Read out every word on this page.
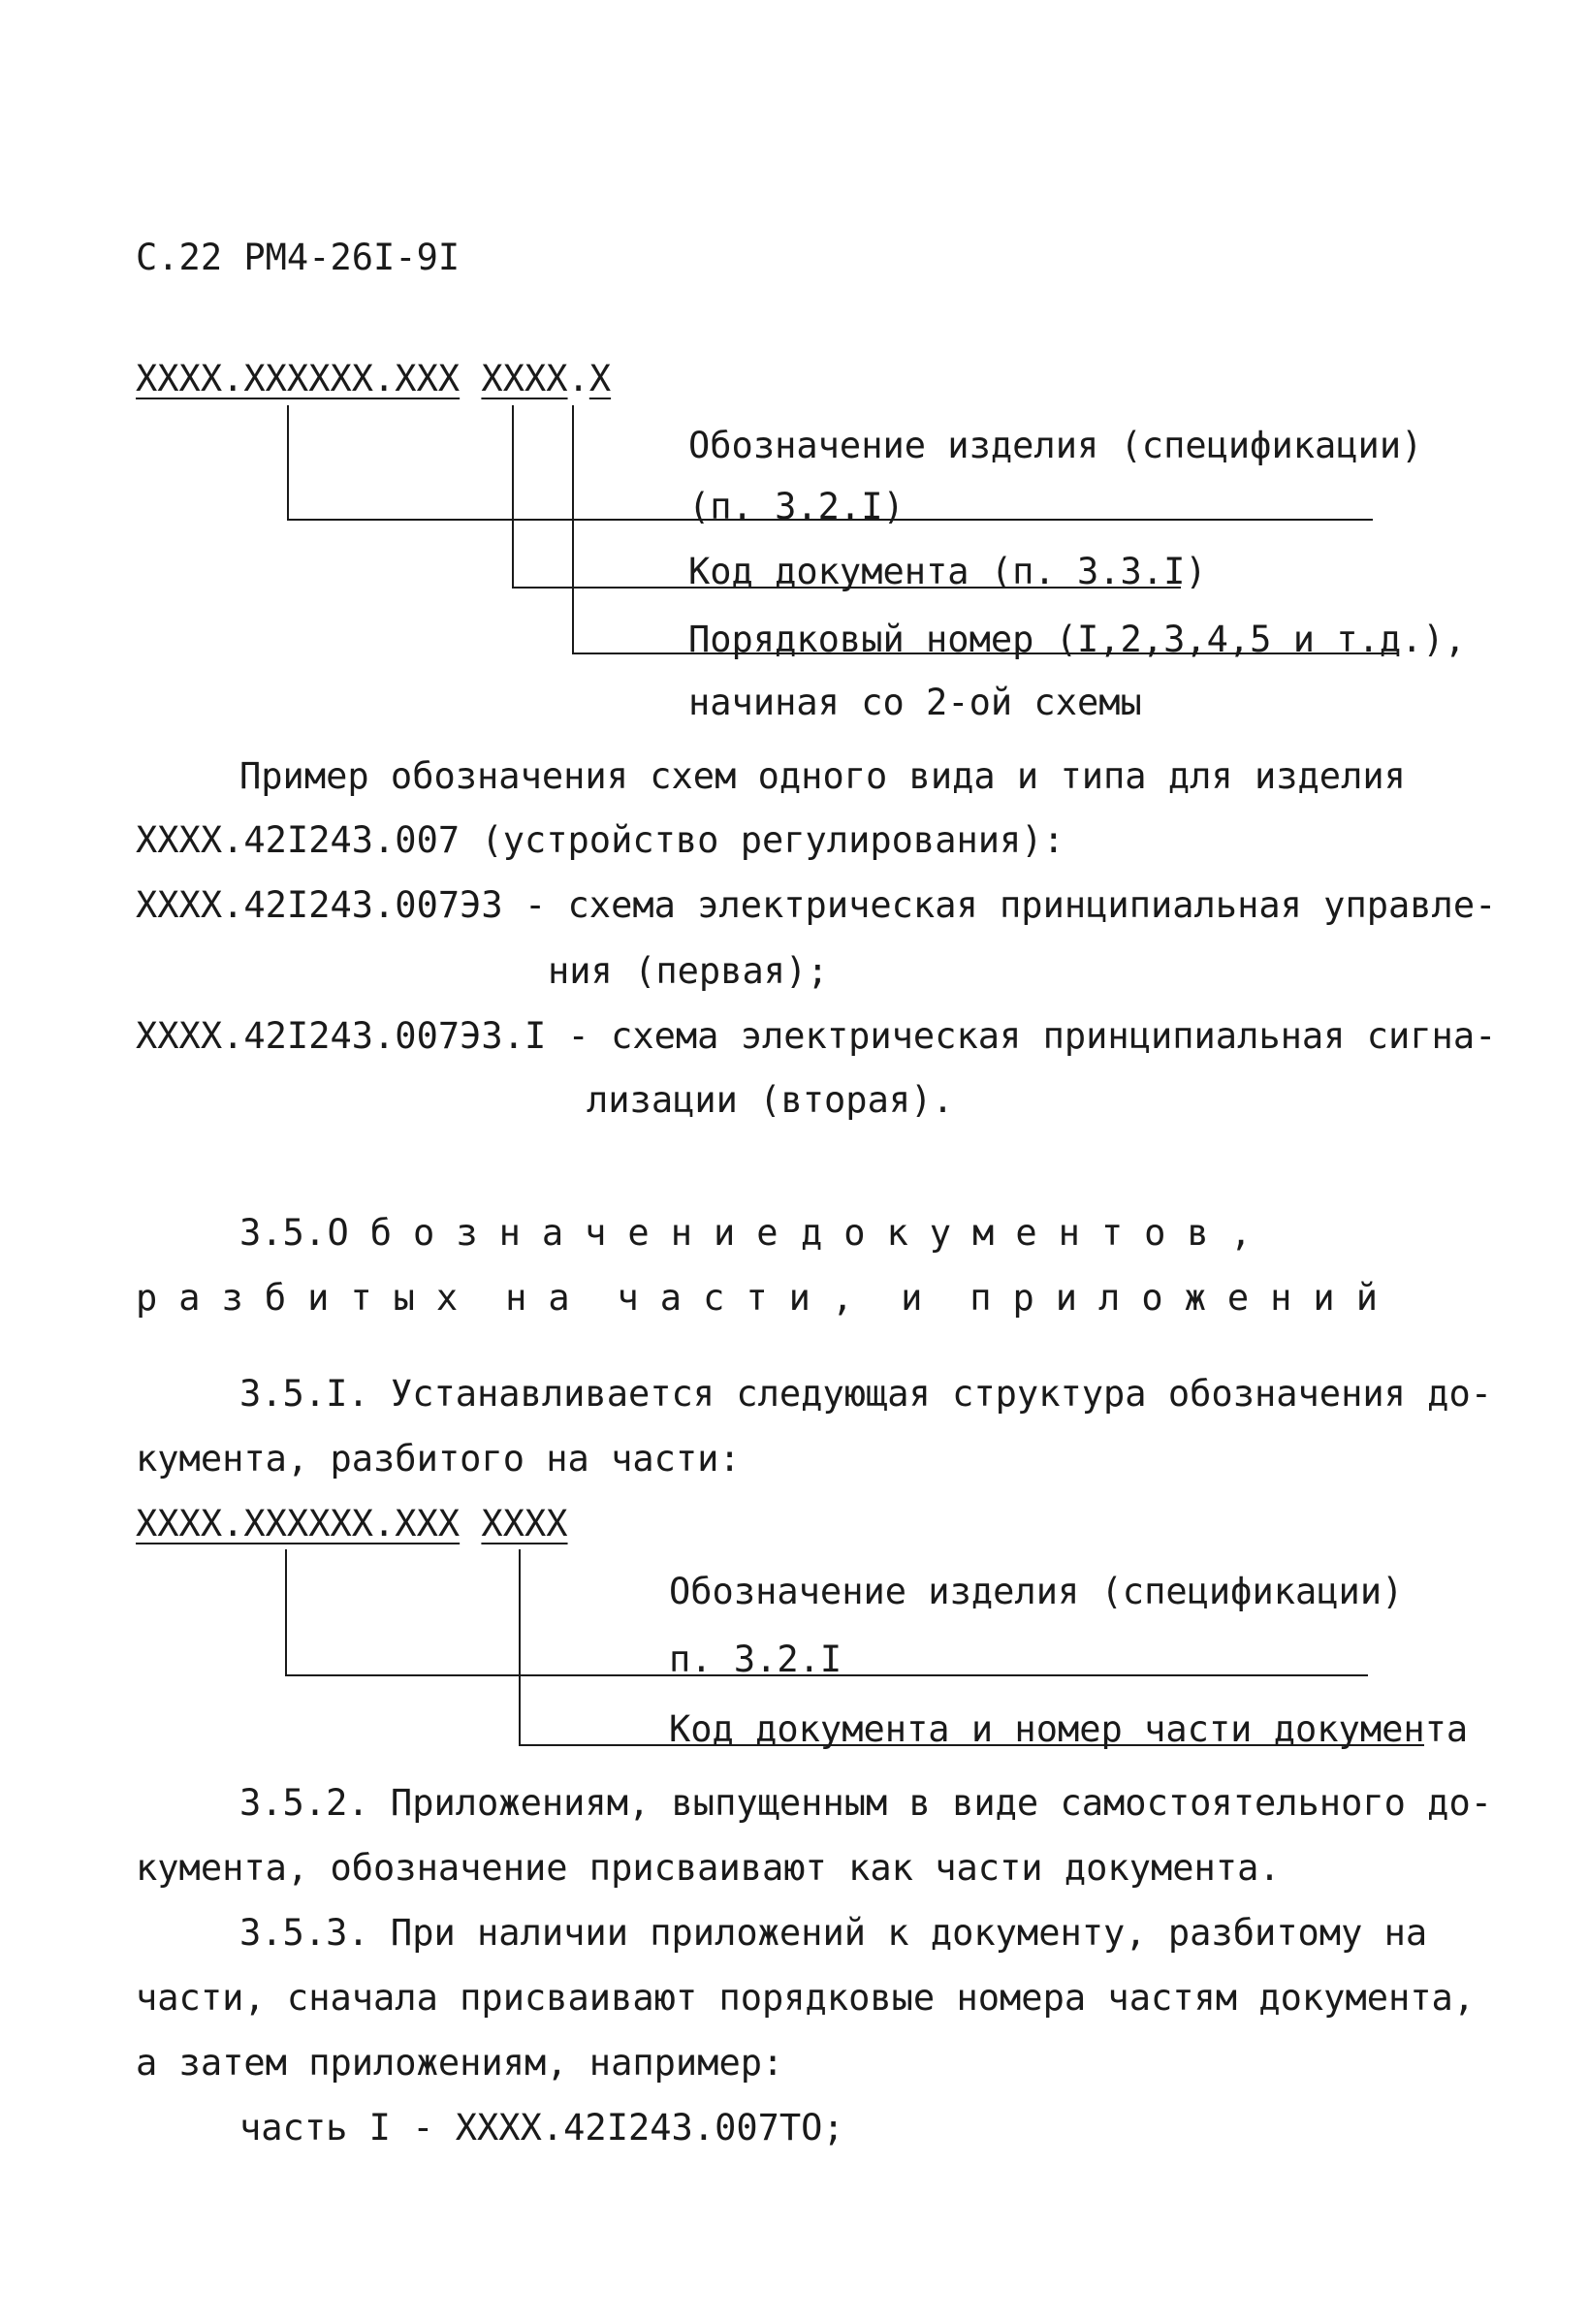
С.22 РМ4-26I-9I
XXXX.XXXXXX.XXX XXXX.X
Обозначение изделия (спецификации)
(п. 3.2.I)
Код документа (п. 3.3.I)
Порядковый номер (I,2,3,4,5 и т.д.),
начиная со 2-ой схемы
Пример обозначения схем одного вида и типа для изделия
XXXX.42I243.007 (устройство регулирования):
XXXX.42I243.007ЭЗ - схема электрическая принципиальная управле-
ния (первая);
XXXX.42I243.007ЭЗ.I - схема электрическая принципиальная сигна-
лизации (вторая).
3.5. Обозначение документов,
разбитых на части, и приложений
3.5.I. Устанавливается следующая структура обозначения до-
кумента, разбитого на части:
XXXX.XXXXXX.XXX XXXX
Обозначение изделия (спецификации)
п. 3.2.I
Код документа и номер части документа
3.5.2. Приложениям, выпущенным в виде самостоятельного до-
кумента, обозначение присваивают как части документа.
3.5.3. При наличии приложений к документу, разбитому на
части, сначала присваивают порядковые номера частям документа,
а затем приложениям, например:
часть I - XXXX.42I243.007ТО;
